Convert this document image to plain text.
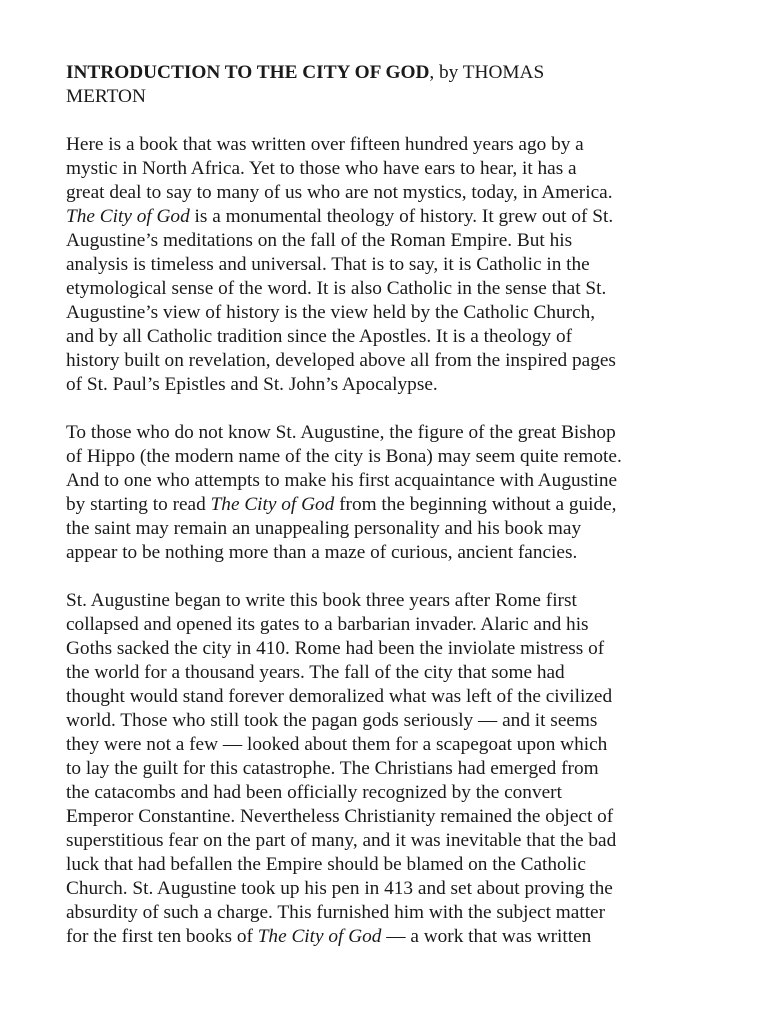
INTRODUCTION TO THE CITY OF GOD, by THOMAS
MERTON
Here is a book that was written over fifteen hundred years ago by a
mystic in North Africa. Yet to those who have ears to hear, it has a
great deal to say to many of us who are not mystics, today, in America.
The City of God is a monumental theology of history. It grew out of St.
Augustine’s meditations on the fall of the Roman Empire. But his
analysis is timeless and universal. That is to say, it is Catholic in the
etymological sense of the word. It is also Catholic in the sense that St.
Augustine’s view of history is the view held by the Catholic Church,
and by all Catholic tradition since the Apostles. It is a theology of
history built on revelation, developed above all from the inspired pages
of St. Paul’s Epistles and St. John’s Apocalypse.
To those who do not know St. Augustine, the figure of the great Bishop
of Hippo (the modern name of the city is Bona) may seem quite remote.
And to one who attempts to make his first acquaintance with Augustine
by starting to read The City of God from the beginning without a guide,
the saint may remain an unappealing personality and his book may
appear to be nothing more than a maze of curious, ancient fancies.
St. Augustine began to write this book three years after Rome first
collapsed and opened its gates to a barbarian invader. Alaric and his
Goths sacked the city in 410. Rome had been the inviolate mistress of
the world for a thousand years. The fall of the city that some had
thought would stand forever demoralized what was left of the civilized
world. Those who still took the pagan gods seriously — and it seems
they were not a few — looked about them for a scapegoat upon which
to lay the guilt for this catastrophe. The Christians had emerged from
the catacombs and had been officially recognized by the convert
Emperor Constantine. Nevertheless Christianity remained the object of
superstitious fear on the part of many, and it was inevitable that the bad
luck that had befallen the Empire should be blamed on the Catholic
Church. St. Augustine took up his pen in 413 and set about proving the
absurdity of such a charge. This furnished him with the subject matter
for the first ten books of The City of God — a work that was written
